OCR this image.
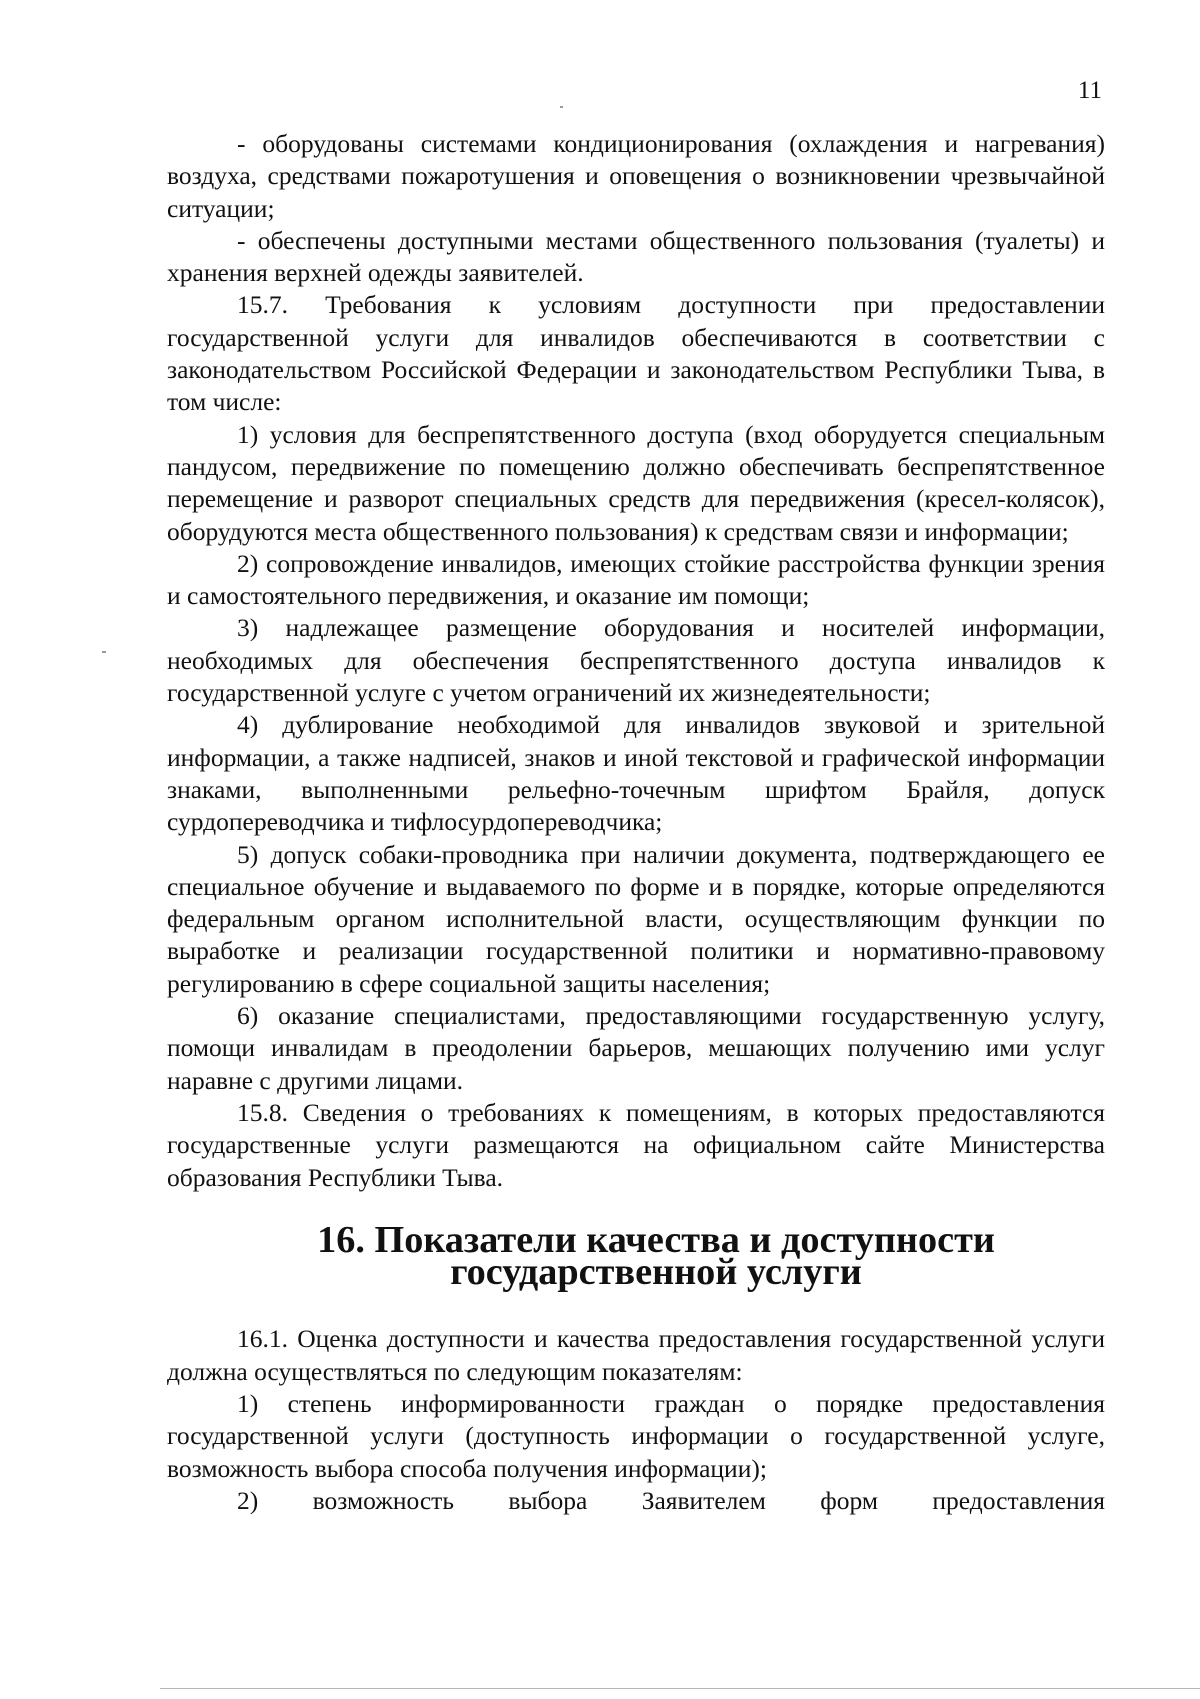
11

- оборудованы системами кондиционирования (охлаждения и нагревания) воздуха, средствами пожаротушения и оповещения о возникновении чрезвычайной ситуации;

- обеспечены доступными местами общественного пользования (туалеты) и хранения верхней одежды заявителей.

15.7. Требования к условиям доступности при предоставлении государственной услуги для инвалидов обеспечиваются в соответствии с законодательством Российской Федерации и законодательством Республики Тыва, в том числе:

1) условия для беспрепятственного доступа (вход оборудуется специальным пандусом, передвижение по помещению должно обеспечивать беспрепятственное перемещение и разворот специальных средств для передвижения (кресел-колясок), оборудуются места общественного пользования) к средствам связи и информации;

2) сопровождение инвалидов, имеющих стойкие расстройства функции зрения и самостоятельного передвижения, и оказание им помощи;

3) надлежащее размещение оборудования и носителей информации, необходимых для обеспечения беспрепятственного доступа инвалидов к государственной услуге с учетом ограничений их жизнедеятельности;

4) дублирование необходимой для инвалидов звуковой и зрительной информации, а также надписей, знаков и иной текстовой и графической информации знаками, выполненными рельефно-точечным шрифтом Брайля, допуск сурдопереводчика и тифлосурдопереводчика;

5) допуск собаки-проводника при наличии документа, подтверждающего ее специальное обучение и выдаваемого по форме и в порядке, которые определяются федеральным органом исполнительной власти, осуществляющим функции по выработке и реализации государственной политики и нормативно-правовому регулированию в сфере социальной защиты населения;

6) оказание специалистами, предоставляющими государственную услугу, помощи инвалидам в преодолении барьеров, мешающих получению ими услуг наравне с другими лицами.

15.8. Сведения о требованиях к помещениям, в которых предоставляются государственные услуги размещаются на официальном сайте Министерства образования Республики Тыва.

16. Показатели качества и доступности государственной услуги

16.1. Оценка доступности и качества предоставления государственной услуги должна осуществляться по следующим показателям:

1) степень информированности граждан о порядке предоставления государственной услуги (доступность информации о государственной услуге, возможность выбора способа получения информации);

2) возможность выбора Заявителем форм предоставления
